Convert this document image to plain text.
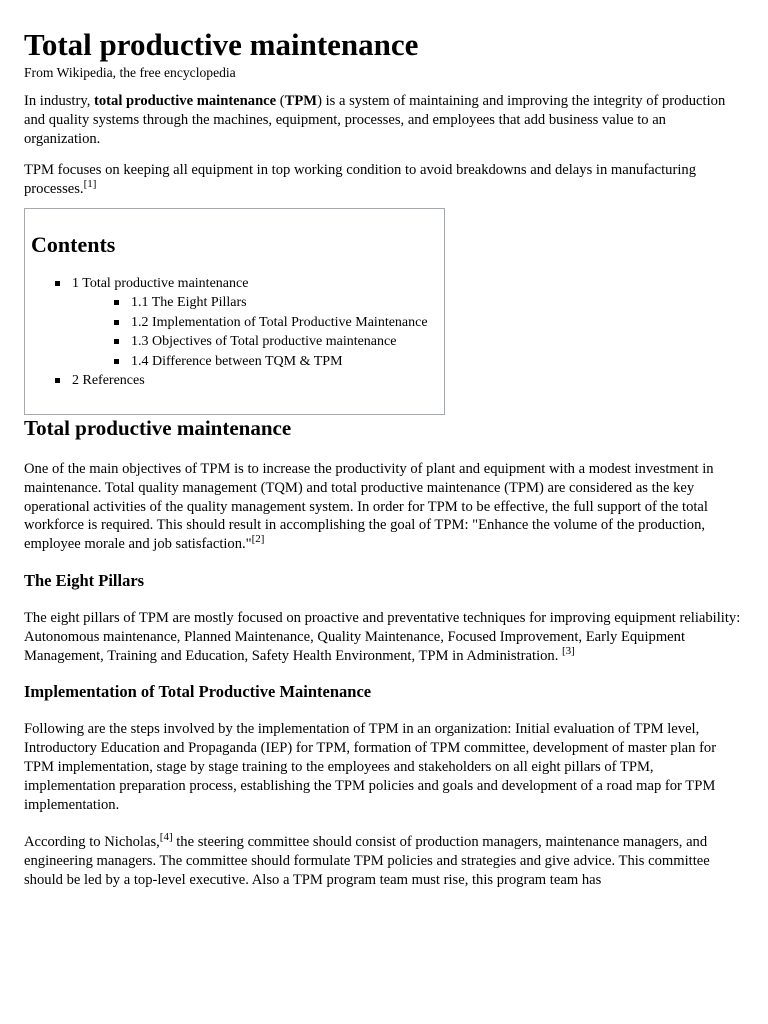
Total productive maintenance
From Wikipedia, the free encyclopedia

In industry, total productive maintenance (TPM) is a system of maintaining and improving the integrity of production and quality systems through the machines, equipment, processes, and employees that add business value to an organization.

TPM focuses on keeping all equipment in top working condition to avoid breakdowns and delays in manufacturing processes.[1]

Contents
1 Total productive maintenance
1.1 The Eight Pillars
1.2 Implementation of Total Productive Maintenance
1.3 Objectives of Total productive maintenance
1.4 Difference between TQM & TPM
2 References
Total productive maintenance

One of the main objectives of TPM is to increase the productivity of plant and equipment with a modest investment in maintenance. Total quality management (TQM) and total productive maintenance (TPM) are considered as the key operational activities of the quality management system. In order for TPM to be effective, the full support of the total workforce is required. This should result in accomplishing the goal of TPM: "Enhance the volume of the production, employee morale and job satisfaction."[2]

The Eight Pillars

The eight pillars of TPM are mostly focused on proactive and preventative techniques for improving equipment reliability: Autonomous maintenance, Planned Maintenance, Quality Maintenance, Focused Improvement, Early Equipment Management, Training and Education, Safety Health Environment, TPM in Administration. [3]

Implementation of Total Productive Maintenance

Following are the steps involved by the implementation of TPM in an organization: Initial evaluation of TPM level, Introductory Education and Propaganda (IEP) for TPM, formation of TPM committee, development of master plan for TPM implementation, stage by stage training to the employees and stakeholders on all eight pillars of TPM, implementation preparation process, establishing the TPM policies and goals and development of a road map for TPM implementation.

According to Nicholas,[4] the steering committee should consist of production managers, maintenance managers, and engineering managers. The committee should formulate TPM policies and strategies and give advice. This committee should be led by a top-level executive. Also a TPM program team must rise, this program team has
